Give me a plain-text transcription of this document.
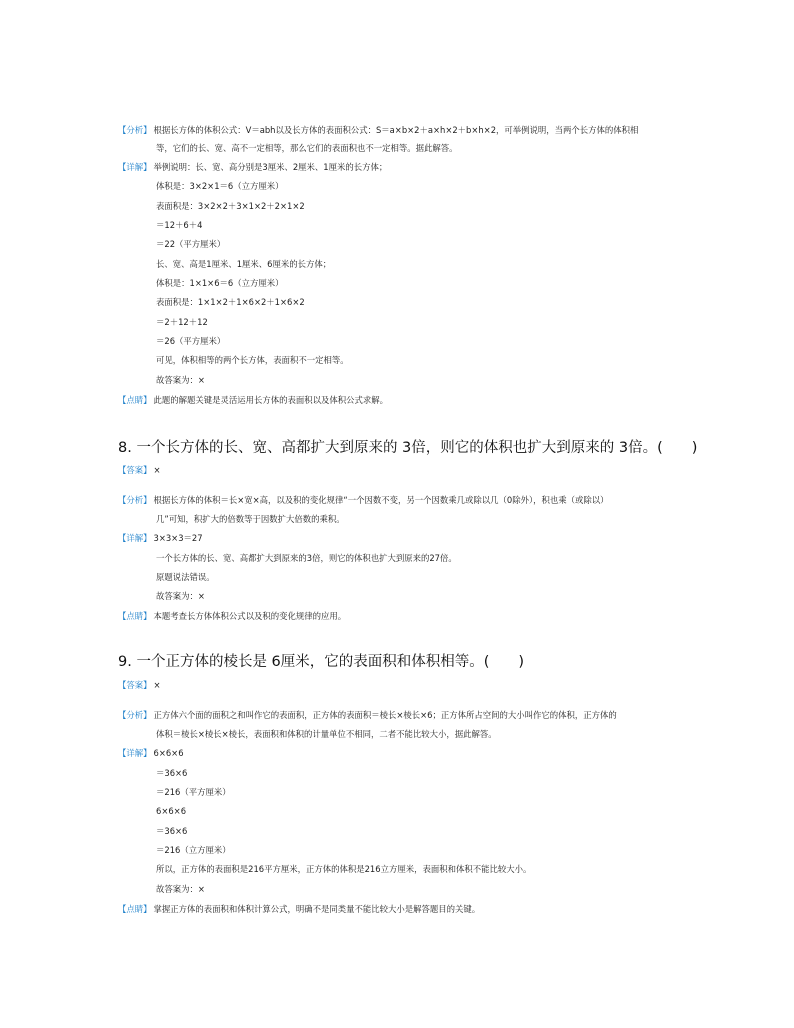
【分析】 根据长方体的体积公式：V＝abh以及长方体的表面积公式：S＝a×b×2＋a×h×2＋b×h×2，可举例说明，当两个长方体的体积相
等，它们的长、宽、高不一定相等，那么它们的表面积也不一定相等。据此解答。
【详解】 举例说明：长、宽、高分别是3厘米、2厘米、1厘米的长方体；
体积是：3×2×1＝6（立方厘米）
表面积是：3×2×2＋3×1×2＋2×1×2
＝12＋6＋4
＝22（平方厘米）
长、宽、高是1厘米、1厘米、6厘米的长方体；
体积是：1×1×6＝6（立方厘米）
表面积是：1×1×2＋1×6×2＋1×6×2
＝2＋12＋12
＝26（平方厘米）
可见，体积相等的两个长方体，表面积不一定相等。
故答案为：×
【点睛】 此题的解题关键是灵活运用长方体的表面积以及体积公式求解。
8. 一个长方体的长、宽、高都扩大到原来的 3倍，则它的体积也扩大到原来的 3倍。(　　)
【答案】 ×
【分析】 根据长方体的体积＝长×宽×高，以及积的变化规律“一个因数不变，另一个因数乘几或除以几（0除外），积也乘（或除以）
几”可知，积扩大的倍数等于因数扩大倍数的乘积。
【详解】 3×3×3＝27
一个长方体的长、宽、高都扩大到原来的3倍，则它的体积也扩大到原来的27倍。
原题说法错误。
故答案为：×
【点睛】 本题考查长方体体积公式以及积的变化规律的应用。
9. 一个正方体的棱长是 6厘米，它的表面积和体积相等。(　　)
【答案】 ×
【分析】 正方体六个面的面积之和叫作它的表面积，正方体的表面积＝棱长×棱长×6；正方体所占空间的大小叫作它的体积，正方体的
体积＝棱长×棱长×棱长，表面积和体积的计量单位不相同，二者不能比较大小，据此解答。
【详解】 6×6×6
＝36×6
＝216（平方厘米）
6×6×6
＝36×6
＝216（立方厘米）
所以，正方体的表面积是216平方厘米，正方体的体积是216立方厘米，表面积和体积不能比较大小。
故答案为：×
【点睛】 掌握正方体的表面积和体积计算公式，明确不是同类量不能比较大小是解答题目的关键。
